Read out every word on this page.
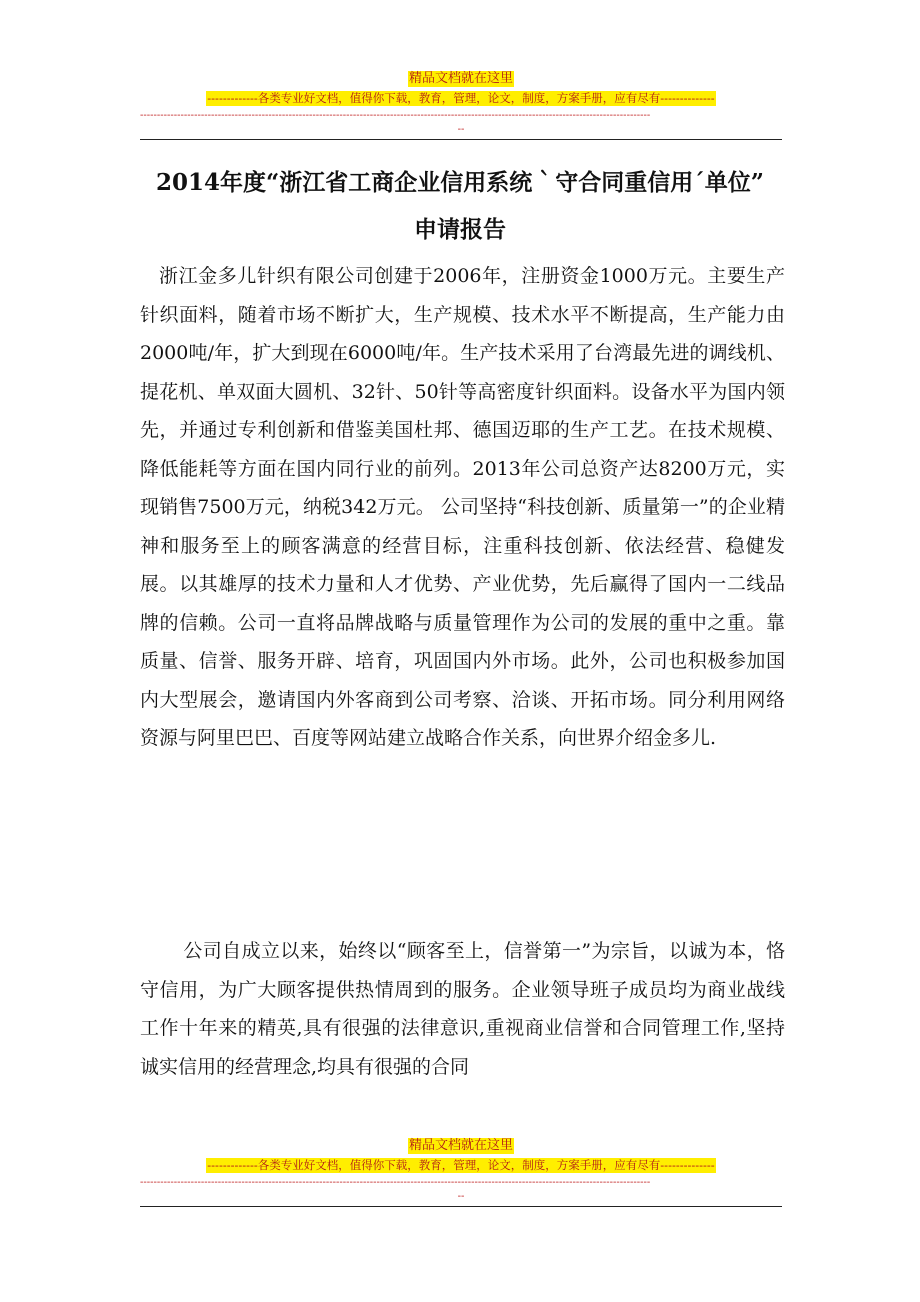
精品文档就在这里
-------------各类专业好文档，值得你下载，教育，管理，论文，制度，方案手册，应有尽有--------------
-------------------------------------------------------------------------------------------------------------------------------------------------------
--
2014年度“浙江省工商企业信用系统｀守合同重信用´单位”
申请报告

浙江金多儿针织有限公司创建于2006年，注册资金1000万元。主要生产针织面料，随着市场不断扩大，生产规模、技术水平不断提高，生产能力由2000吨/年，扩大到现在6000吨/年。生产技术采用了台湾最先进的调线机、提花机、单双面大圆机、32针、50针等高密度针织面料。设备水平为国内领先，并通过专利创新和借鉴美国杜邦、德国迈耶的生产工艺。在技术规模、降低能耗等方面在国内同行业的前列。2013年公司总资产达8200万元，实现销售7500万元，纳税342万元。 公司坚持“科技创新、质量第一”的企业精神和服务至上的顾客满意的经营目标，注重科技创新、依法经营、稳健发展。以其雄厚的技术力量和人才优势、产业优势，先后赢得了国内一二线品牌的信赖。公司一直将品牌战略与质量管理作为公司的发展的重中之重。靠质量、信誉、服务开辟、培育，巩固国内外市场。此外，公司也积极参加国内大型展会，邀请国内外客商到公司考察、洽谈、开拓市场。同分利用网络资源与阿里巴巴、百度等网站建立战略合作关系，向世界介绍金多儿.

公司自成立以来，始终以“顾客至上，信誉第一”为宗旨，以诚为本，恪守信用，为广大顾客提供热情周到的服务。企业领导班子成员均为商业战线工作十年来的精英,具有很强的法律意识,重视商业信誉和合同管理工作,坚持诚实信用的经营理念,均具有很强的合同

精品文档就在这里
-------------各类专业好文档，值得你下载，教育，管理，论文，制度，方案手册，应有尽有--------------
-------------------------------------------------------------------------------------------------------------------------------------------------------
--
